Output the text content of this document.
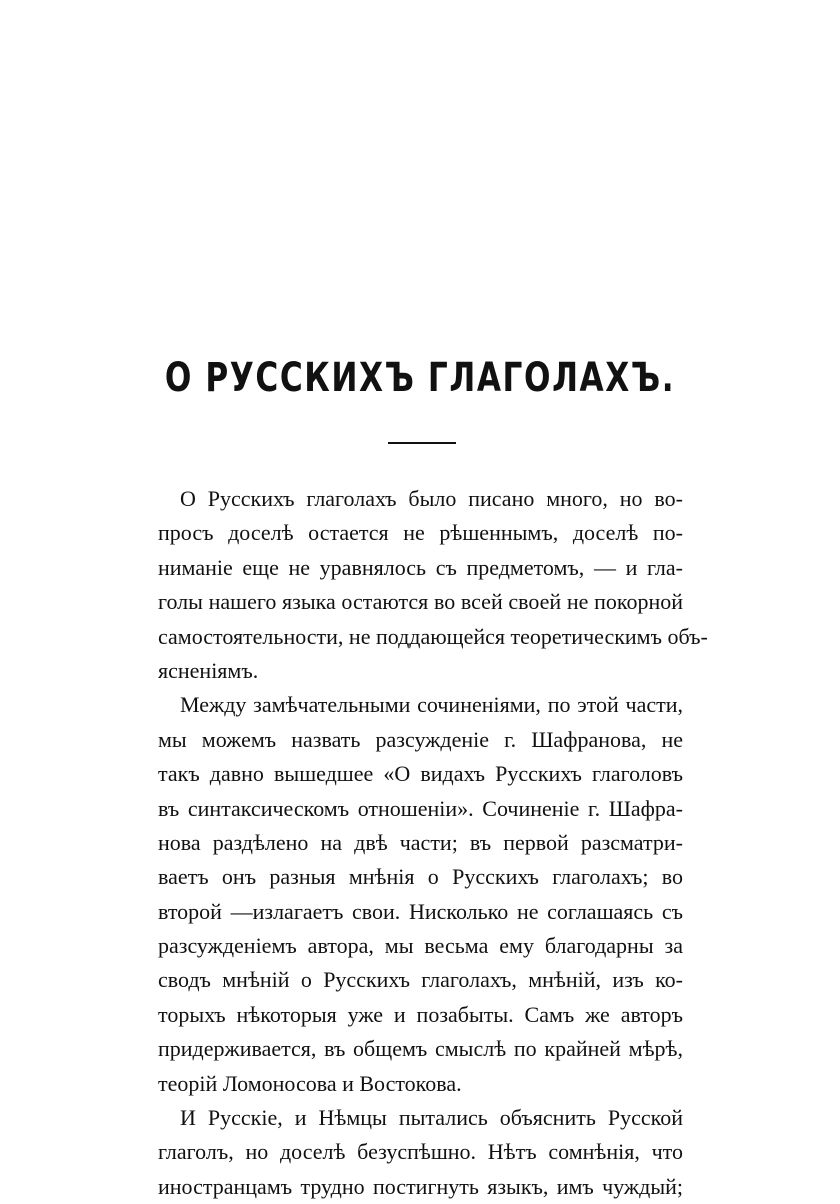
О РУССКИХЪ ГЛАГОЛАХЪ.
О Русскихъ глаголахъ было писано много, но во-
просъ доселѣ остается не рѣшеннымъ, доселѣ по-
ниманіе еще не уравнялось съ предметомъ, — и гла-
голы нашего языка остаются во всей своей не покорной
самостоятельности, не поддающейся теоретическимъ объ-
ясненіямъ.
Между замѣчательными сочиненіями, по этой части,
мы можемъ назвать разсужденіе г. Шафранова, не
такъ давно вышедшее «О видахъ Русскихъ глаголовъ
въ синтаксическомъ отношеніи». Сочиненіе г. Шафра-
нова раздѣлено на двѣ части; въ первой разсматри-
ваетъ онъ разныя мнѣнія о Русскихъ глаголахъ; во
второй —излагаетъ свои. Нисколько не соглашаясь съ
разсужденіемъ автора, мы весьма ему благодарны за
сводъ мнѣній о Русскихъ глаголахъ, мнѣній, изъ ко-
торыхъ нѣкоторыя уже и позабыты. Самъ же авторъ
придерживается, въ общемъ смыслѣ по крайней мѣрѣ,
теорій Ломоносова и Востокова.
И Русскіе, и Нѣмцы пытались объяснить Русской
глаголъ, но доселѣ безуспѣшно. Нѣтъ сомнѣнія, что
иностранцамъ трудно постигнуть языкъ, имъ чуждый;
